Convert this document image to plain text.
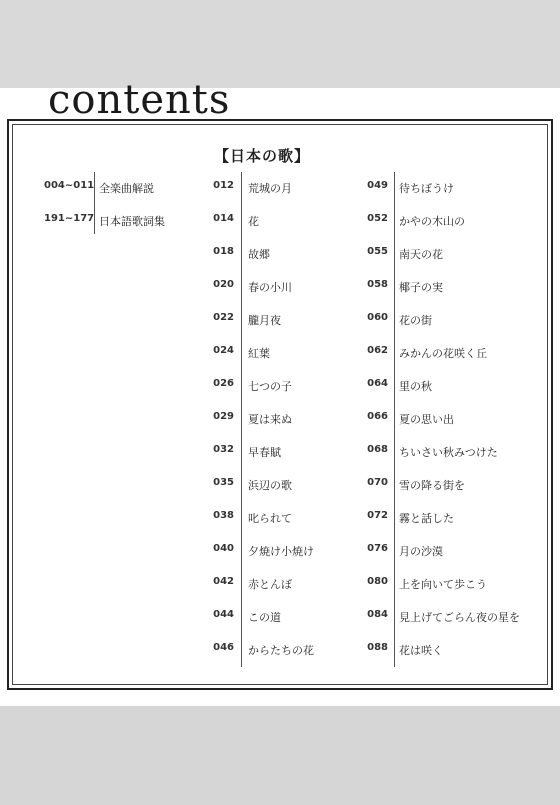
contents
【日本の歌】
004~011 全楽曲解説
191~177 日本語歌詞集
012 荒城の月
014 花
018 故郷
020 春の小川
022 朧月夜
024 紅葉
026 七つの子
029 夏は来ぬ
032 早春賦
035 浜辺の歌
038 叱られて
040 夕焼け小焼け
042 赤とんぼ
044 この道
046 からたちの花
049 待ちぼうけ
052 かやの木山の
055 南天の花
058 椰子の実
060 花の街
062 みかんの花咲く丘
064 里の秋
066 夏の思い出
068 ちいさい秋みつけた
070 雪の降る街を
072 霧と話した
076 月の沙漠
080 上を向いて歩こう
084 見上げてごらん夜の星を
088 花は咲く
